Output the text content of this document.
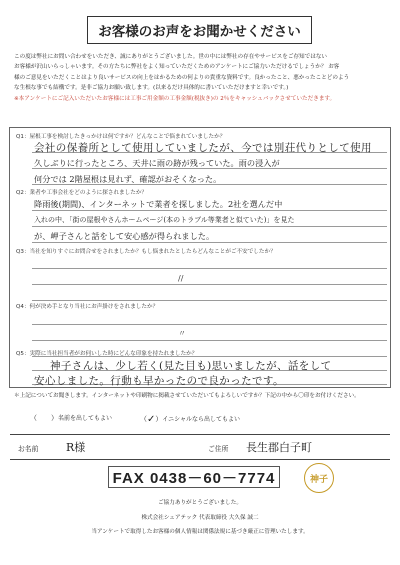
お客様のお声をお聞かせください
この度は弊社にお問い合わせをいただき、誠にありがとうございました。世の中には弊社の存在やサービスをご存知ではない
お客様が沢山いらっしゃいます。その方たちに弊社をよく知っていただくためのアンケートにご協力いただけるでしょうか？ お客
様のご意見をいただくことはより良いサービスの向上をはかるための何よりの貴重な資料です。良かったこと、悪かったことどのよう
な生根な事でも結構です。是非ご協力お願い致します。(以来るだけ具体的に書いていただけますと幸いです。)
※本アンケートにご記入いただいたお客様には工事ご用金額の工事金額(税抜き)の 2％をキャッシュバックさせていただきます。
Q1：屋根工事を検討したきっかけは何ですか？どんなことで悩まれていましたか？
会社の保養所として使用していましたが、今では別荘代りとして使用
久しぶりに行ったところ、天井に雨の跡が残っていた。雨の浸入が
何分では 2階屋根は見れず、確認がおそくなった。
Q2：業者や工事会社をどのように探されましたか？
降雨後(期間)、インターネットで業者を探しました。2社を選んだ中
入れの中、「街の屋根やさんホームページ(本のトラブル等業者と似ていた)」を見た
が、岬子さんと話をして安心感が得られました。
Q3：当社を知りすぐにお問合せをされましたか？もし悩まれたとしたらどんなことがご不安でしたか？
//
Q4：何が決め手となり当社にお声掛けをされましたか？
〃
Q5：実際に当社担当者がお伺いした時にどんな印象を持たれましたか？
神子さんは、少し若く(見た目も)思いましたが、話をして
安心しました。行動も早かったので良かったです。
＊上記についてお聞きします。インターネットや印刷物に掲載させていただいてもよろしいですか？下記の中から〇印をお付けください。
（　　）名前を出してもよい	（✓）イニシャルなら出してもよい
お名前	R様	ご住所 長生郡白子町
FAX 0438－60－7774	神子
ご協力ありがとうございました。
株式会社シェアテック 代表取締役 大久保 誠二
当アンケートで取得したお客様の個人情報は関係法規に基づき厳正に管理いたします。
